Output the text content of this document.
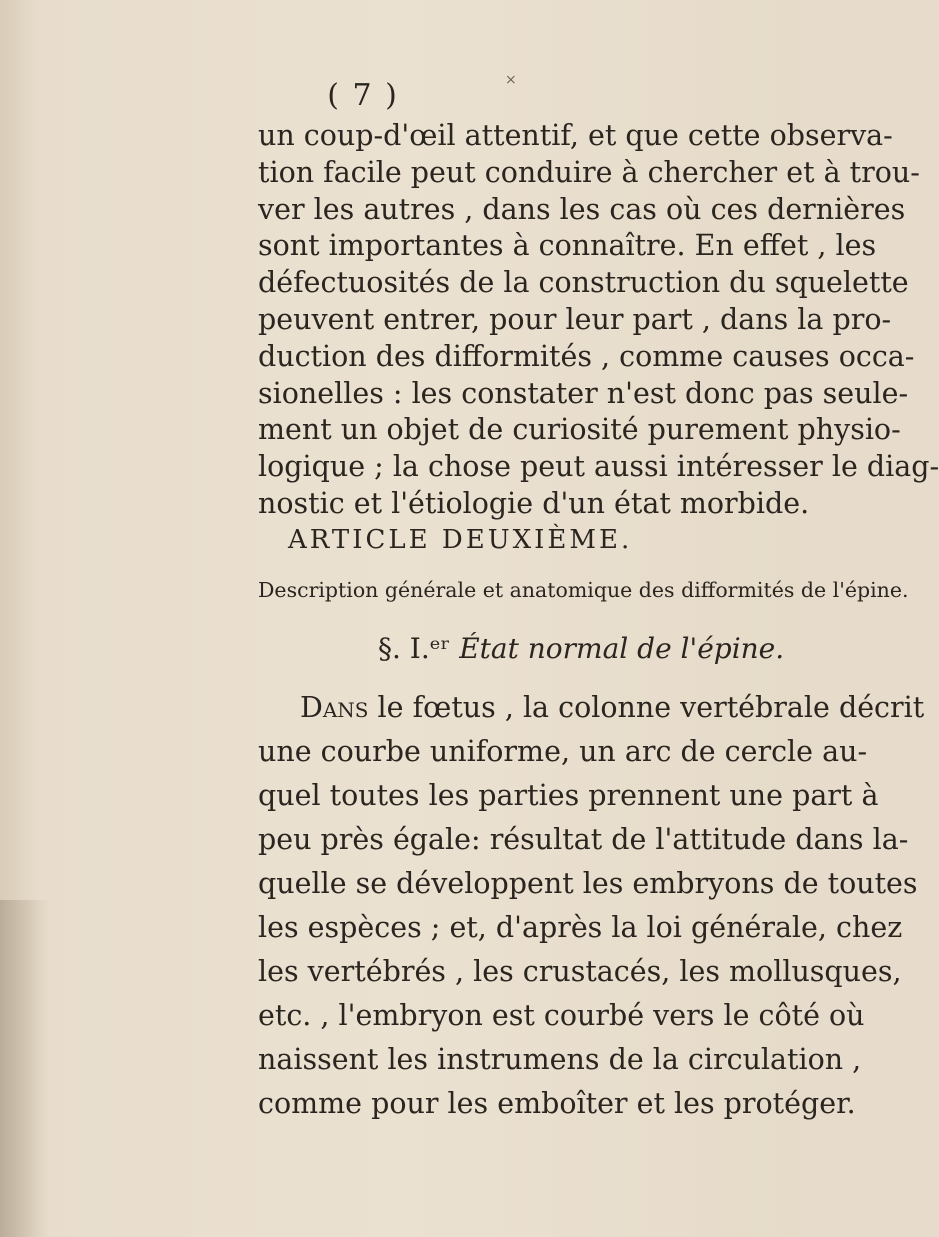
( 7 )	×
un coup-d'œil attentif, et que cette observa-
tion facile peut conduire à chercher et à trou-
ver les autres , dans les cas où ces dernières
sont importantes à connaître. En effet , les
défectuosités de la construction du squelette
peuvent entrer, pour leur part , dans la pro-
duction des difformités , comme causes occa-
sionelles : les constater n'est donc pas seule-
ment un objet de curiosité purement physio-
logique ; la chose peut aussi intéresser le diag-
nostic et l'étiologie d'un état morbide.
ARTICLE DEUXIÈME.
Description générale et anatomique des difformités de l'épine.
§. I.ᵉʳ État normal de l'épine.
Dans le fœtus , la colonne vertébrale décrit
une courbe uniforme, un arc de cercle au-
quel toutes les parties prennent une part à
peu près égale: résultat de l'attitude dans la-
quelle se développent les embryons de toutes
les espèces ; et, d'après la loi générale, chez
les vertébrés , les crustacés, les mollusques,
etc. , l'embryon est courbé vers le côté où
naissent les instrumens de la circulation ,
comme pour les emboîter et les protéger.
